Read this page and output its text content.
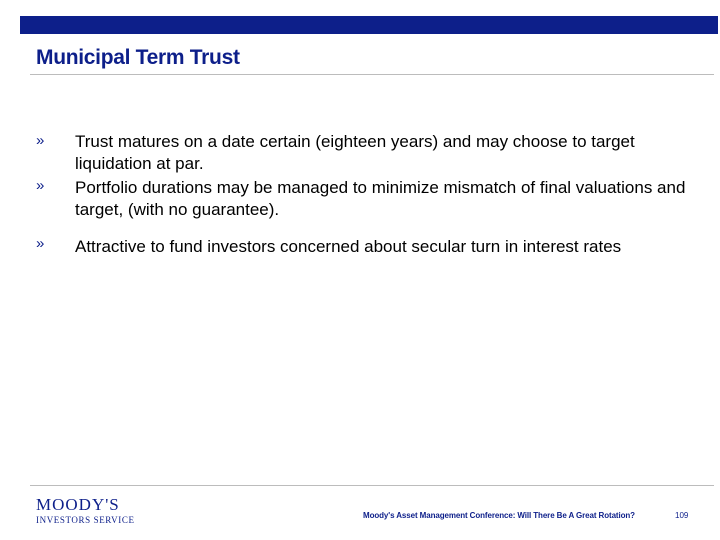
Municipal Term Trust
» Trust matures on a date certain (eighteen years) and may choose to target liquidation at par.
» Portfolio durations may be managed to minimize mismatch of final valuations and target, (with no guarantee).
» Attractive to fund investors concerned about secular turn in interest rates
MOODY'S
INVESTORS SERVICE	Moody's Asset Management Conference: Will There Be A Great Rotation?	109
